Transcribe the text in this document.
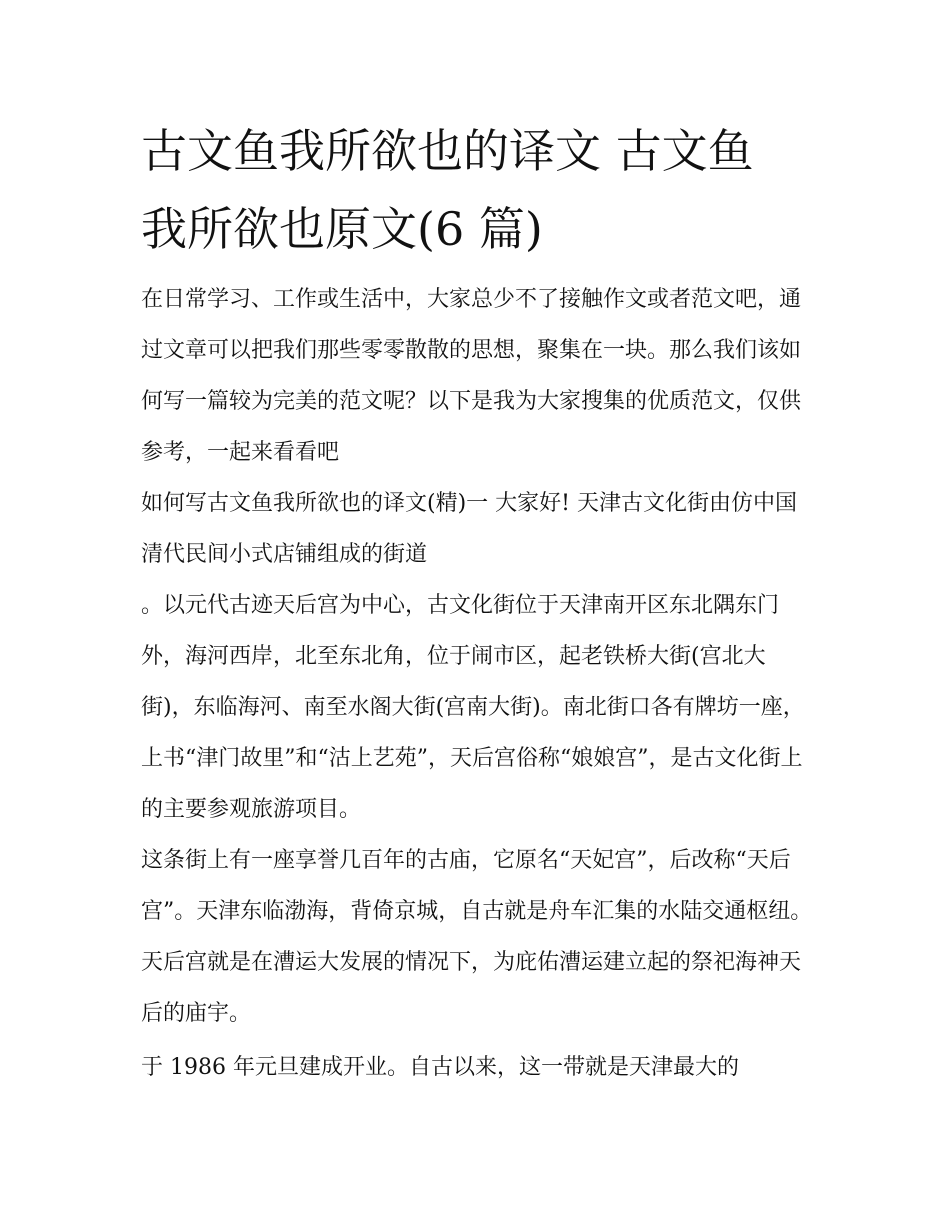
古文鱼我所欲也的译文 古文鱼
我所欲也原文(6 篇)

在日常学习、工作或生活中，大家总少不了接触作文或者范文吧，通过文章可以把我们那些零零散散的思想，聚集在一块。那么我们该如何写一篇较为完美的范文呢？以下是我为大家搜集的优质范文，仅供参考，一起来看看吧

如何写古文鱼我所欲也的译文(精)一 大家好! 天津古文化街由仿中国清代民间小式店铺组成的街道

。以元代古迹天后宫为中心，古文化街位于天津南开区东北隅东门外，海河西岸，北至东北角，位于闹市区，起老铁桥大街(宫北大街)，东临海河、南至水阁大街(宫南大街)。南北街口各有牌坊一座，上书“津门故里”和“沽上艺苑”，天后宫俗称“娘娘宫”，是古文化街上的主要参观旅游项目。

这条街上有一座享誉几百年的古庙，它原名“天妃宫”，后改称“天后宫”。天津东临渤海，背倚京城，自古就是舟车汇集的水陆交通枢纽。天后宫就是在漕运大发展的情况下，为庇佑漕运建立起的祭祀海神天后的庙宇。

于 1986 年元旦建成开业。自古以来，这一带就是天津最大的
